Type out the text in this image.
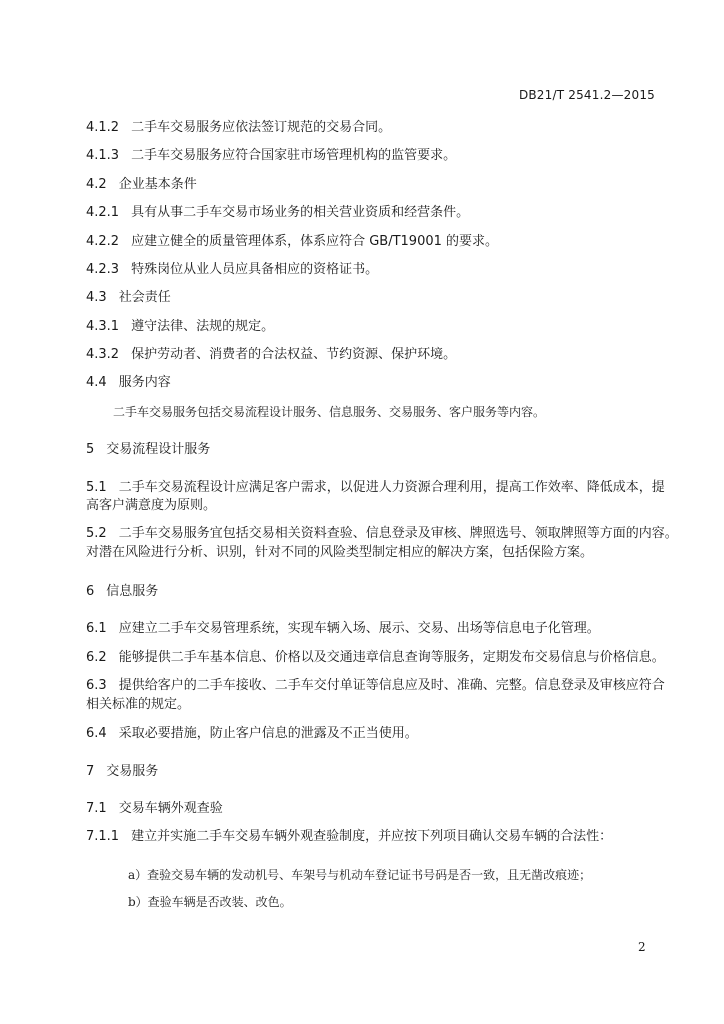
DB21/T 2541.2—2015
4.1.2 二手车交易服务应依法签订规范的交易合同。
4.1.3 二手车交易服务应符合国家驻市场管理机构的监管要求。
4.2 企业基本条件
4.2.1 具有从事二手车交易市场业务的相关营业资质和经营条件。
4.2.2 应建立健全的质量管理体系，体系应符合 GB/T19001 的要求。
4.2.3 特殊岗位从业人员应具备相应的资格证书。
4.3 社会责任
4.3.1 遵守法律、法规的规定。
4.3.2 保护劳动者、消费者的合法权益、节约资源、保护环境。
4.4 服务内容
二手车交易服务包括交易流程设计服务、信息服务、交易服务、客户服务等内容。
5 交易流程设计服务
5.1 二手车交易流程设计应满足客户需求，以促进人力资源合理利用，提高工作效率、降低成本，提
高客户满意度为原则。
5.2 二手车交易服务宜包括交易相关资料查验、信息登录及审核、牌照选号、领取牌照等方面的内容。
对潜在风险进行分析、识别，针对不同的风险类型制定相应的解决方案，包括保险方案。
6 信息服务
6.1 应建立二手车交易管理系统，实现车辆入场、展示、交易、出场等信息电子化管理。
6.2 能够提供二手车基本信息、价格以及交通违章信息查询等服务，定期发布交易信息与价格信息。
6.3 提供给客户的二手车接收、二手车交付单证等信息应及时、准确、完整。信息登录及审核应符合
相关标准的规定。
6.4 采取必要措施，防止客户信息的泄露及不正当使用。
7 交易服务
7.1 交易车辆外观查验
7.1.1 建立并实施二手车交易车辆外观查验制度，并应按下列项目确认交易车辆的合法性：
a）查验交易车辆的发动机号、车架号与机动车登记证书号码是否一致，且无凿改痕迹；
b）查验车辆是否改装、改色。
2
